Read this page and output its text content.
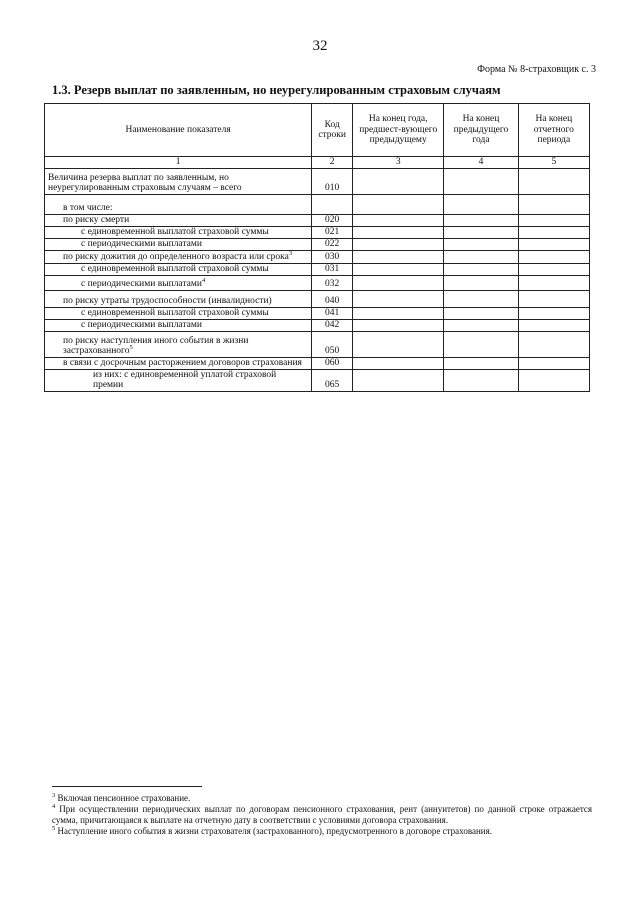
32
Форма № 8-страховщик с. 3
1.3. Резерв выплат по заявленным, но неурегулированным страховым случаям
Наименование показателя	Код строки	На конец года, предшест-вующего предыдущему	На конец предыдущего года	На конец отчетного периода
1	2	3	4	5
Величина резерва выплат по заявленным, но неурегулированным страховым случаям – всего	010			
в том числе:				
по риску смерти	020			
с единовременной выплатой страховой суммы	021			
с периодическими выплатами	022			
по риску дожития до определенного возраста или срока$^3$	030			
с единовременной выплатой страховой суммы	031			
с периодическими выплатами$^4$	032			
по риску утраты трудоспособности (инвалидности)	040			
с единовременной выплатой страховой суммы	041			
с периодическими выплатами	042			
по риску наступления иного события в жизни застрахованного$^5$	050			
в связи с досрочным расторжением договоров страхования	060			
из них: с единовременной уплатой страховой премии	065			

$^3$ Включая пенсионное страхование.

$^4$ При осуществлении периодических выплат по договорам пенсионного страхования, рент (аннуитетов) по данной строке отражается сумма, причитающаяся к выплате на отчетную дату в соответствии с условиями договора страхования.

$^5$ Наступление иного события в жизни страхователя (застрахованного), предусмотренного в договоре страхования.
